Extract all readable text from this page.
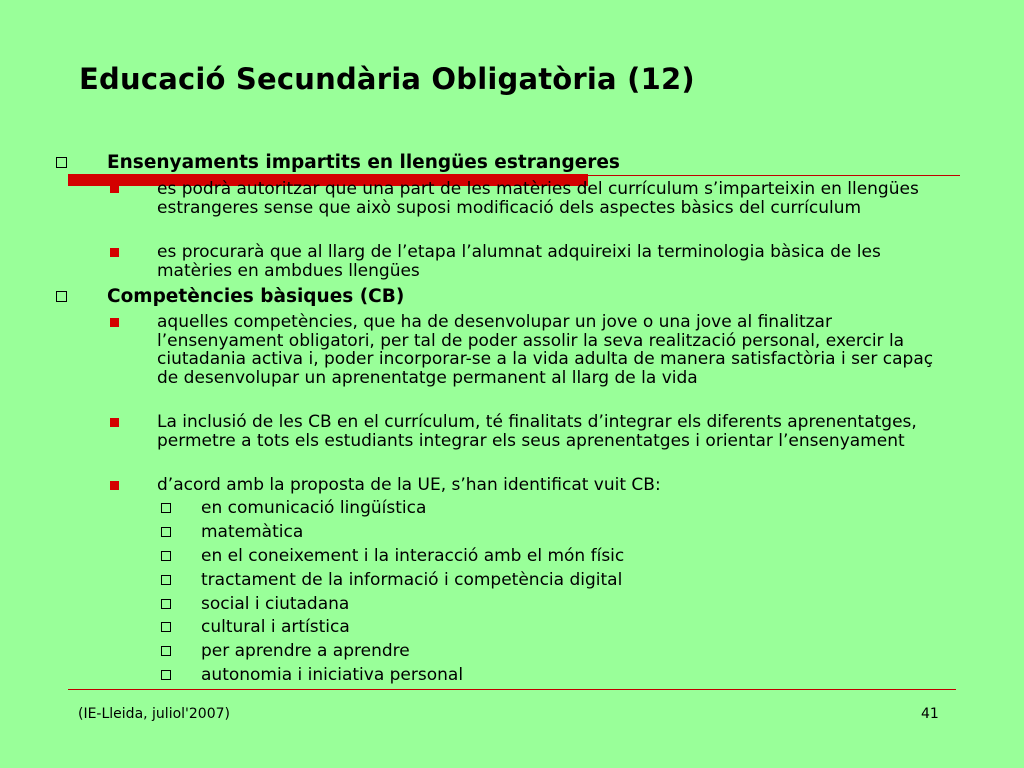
Educació Secundària Obligatòria (12)
Ensenyaments impartits en llengües estrangeres
es podrà autoritzar que una part de les matèries del currículum s’imparteixin en llengües estrangeres sense que això suposi modificació dels aspectes bàsics del currículum
es procurarà que al llarg de l’etapa l’alumnat adquireixi la terminologia bàsica de les matèries en ambdues llengües
Competències bàsiques (CB)
aquelles competències, que ha de desenvolupar un jove o una jove al finalitzar l’ensenyament obligatori, per tal de poder assolir la seva realització personal, exercir la ciutadania activa i, poder incorporar-se a la vida adulta de manera satisfactòria i ser capaç de desenvolupar un aprenentatge permanent al llarg de la vida
La inclusió de les CB en el currículum, té finalitats d’integrar els diferents aprenentatges, permetre a tots els estudiants integrar els seus aprenentatges i orientar l’ensenyament
d’acord amb la proposta de la UE, s’han identificat vuit CB:
en comunicació lingüística
matemàtica
en el coneixement i la interacció amb el món físic
tractament de la informació i competència digital
social i ciutadana
cultural i artística
per aprendre a aprendre
autonomia i iniciativa personal
(IE-Lleida, juliol'2007)	41
